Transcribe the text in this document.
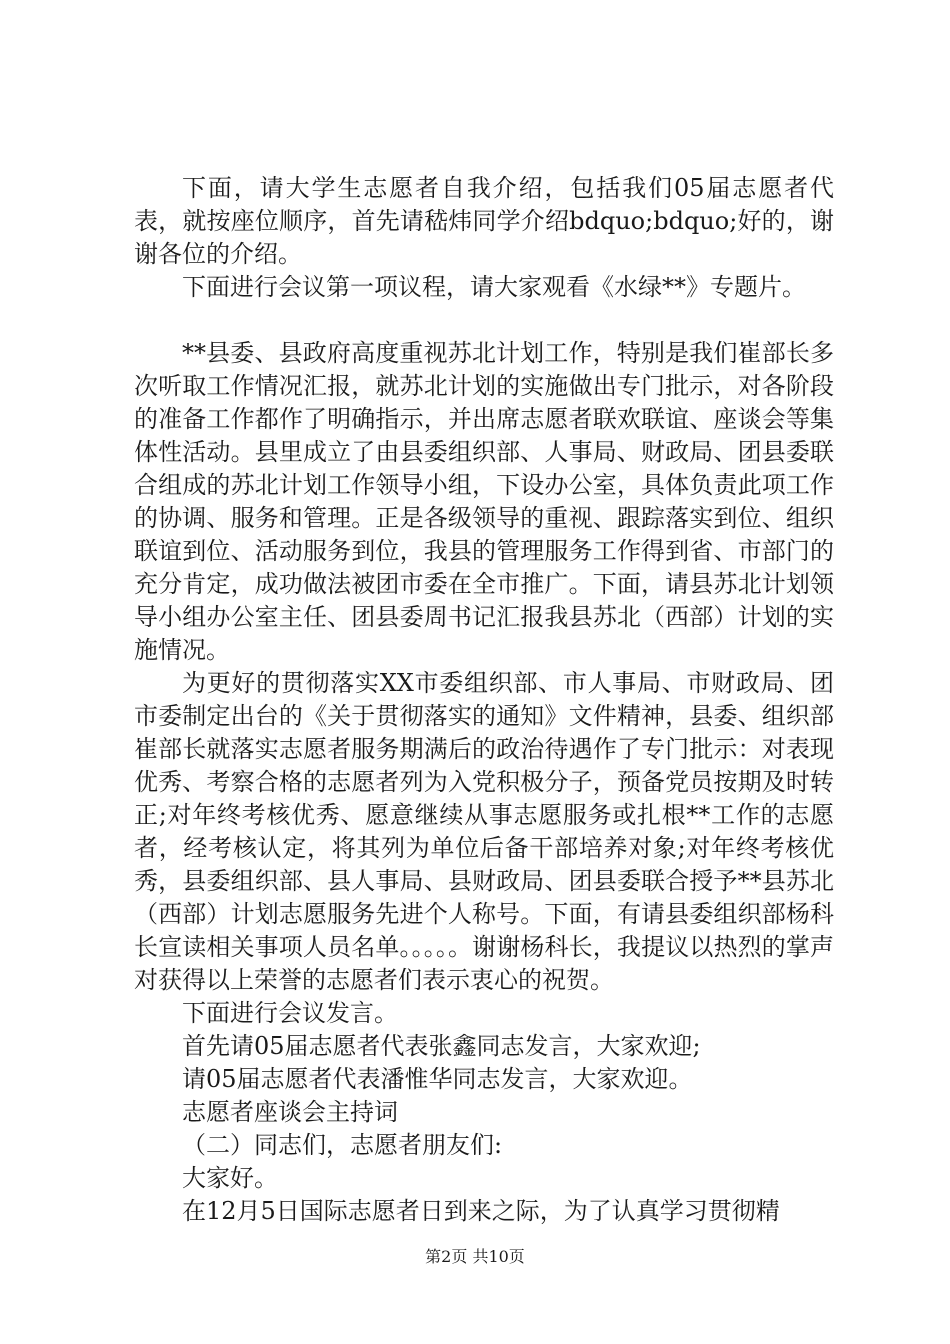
下面，请大学生志愿者自我介绍，包括我们05届志愿者代表，就按座位顺序，首先请嵇炜同学介绍bdquo;bdquo;好的，谢谢各位的介绍。

下面进行会议第一项议程，请大家观看《水绿**》专题片。

**县委、县政府高度重视苏北计划工作，特别是我们崔部长多次听取工作情况汇报，就苏北计划的实施做出专门批示，对各阶段的准备工作都作了明确指示，并出席志愿者联欢联谊、座谈会等集体性活动。县里成立了由县委组织部、人事局、财政局、团县委联合组成的苏北计划工作领导小组，下设办公室，具体负责此项工作的协调、服务和管理。正是各级领导的重视、跟踪落实到位、组织联谊到位、活动服务到位，我县的管理服务工作得到省、市部门的充分肯定，成功做法被团市委在全市推广。下面，请县苏北计划领导小组办公室主任、团县委周书记汇报我县苏北（西部）计划的实施情况。

为更好的贯彻落实XX市委组织部、市人事局、市财政局、团市委制定出台的《关于贯彻落实的通知》文件精神，县委、组织部崔部长就落实志愿者服务期满后的政治待遇作了专门批示：对表现优秀、考察合格的志愿者列为入党积极分子，预备党员按期及时转正;对年终考核优秀、愿意继续从事志愿服务或扎根**工作的志愿者，经考核认定，将其列为单位后备干部培养对象;对年终考核优秀，县委组织部、县人事局、县财政局、团县委联合授予**县苏北（西部）计划志愿服务先进个人称号。下面，有请县委组织部杨科长宣读相关事项人员名单。。。。。谢谢杨科长，我提议以热烈的掌声对获得以上荣誉的志愿者们表示衷心的祝贺。

下面进行会议发言。

首先请05届志愿者代表张鑫同志发言，大家欢迎;

请05届志愿者代表潘惟华同志发言，大家欢迎。

志愿者座谈会主持词

（二）同志们，志愿者朋友们:

大家好。

在12月5日国际志愿者日到来之际，为了认真学习贯彻精

第2页 共10页
